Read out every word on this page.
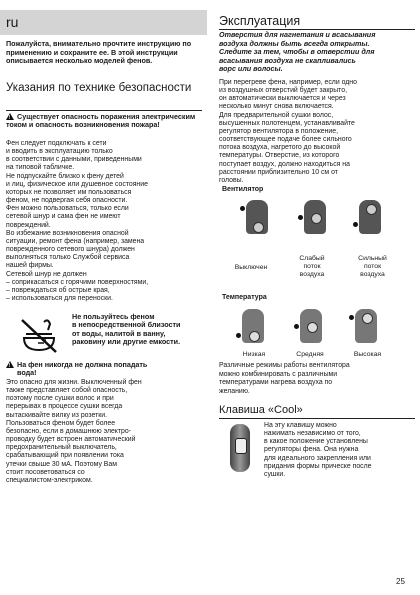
ru
Пожалуйста, внимательно прочтите инструкцию по применению и сохраните ее. В этой инструкции описывается несколько моделей фенов.
Указания по технике безопасности
!Существует опасность поражения электрическим током и опасность возникновения пожара!
Фен следует подключать к сети
и вводить в эксплуатацию только
в соответствии с данными, приведенными
на типовой табличке.
Не подпускайте близко к фену детей
и лиц, физическое или душевное состояние
которых не позволяет им пользоваться
феном, не подвергая себя опасности.
Фен можно пользоваться, только если
сетевой шнур и сама фен не имеют
повреждений.
Во избежание возникновения опасной
ситуации, ремонт фена (например, замена
поврежденного сетевого шнура) должен
выполняться только Службой сервиса
нашей фирмы.
Сетевой шнур не должен
– соприкасаться с горячими поверхностями,
– повреждаться об острые края,
– использоваться для переноски.
Не пользуйтесь феном
в непосредственной близости
от воды, налитой в ванну,
раковину или другие емкости.
!На фен никогда не должна попадать
вода!
Это опасно для жизни. Выключенный фен
также представляет собой опасность,
поэтому после сушки волос и при
перерывах в процессе сушки всегда
вытаскивайте вилку из розетки.
Пользоваться феном будет более
безопасно, если в домашнюю электро-
проводку будет встроен автоматический
предохранительный выключатель,
срабатывающий при появлении тока
утечки свыше 30 мА. Поэтому Вам
стоит посоветоваться со
специалистом-электриком.
Эксплуатация
Отверстия для нагнетания и всасывания
воздуха должны быть всегда открыты.
Следите за тем, чтобы в отверстии для
всасывания воздуха не скапливались
ворс или волосы.
При перегреве фена, например, если одно
из воздушных отверстий будет закрыто,
он автоматически выключается и через
несколько минут снова включается.
Для предварительной сушки волос,
высушенных полотенцем, устанавливайте
регулятор вентилятора в положение,
соответствующее подаче более сильного
потока воздуха, нагретого до высокой
температуры. Отверстие, из которого
поступает воздух, должно находиться на
расстоянии приблизительно 10 см от
головы.
Вентилятор
Выключен
Слабый
поток
воздуха
Сильный
поток
воздуха
Температура
Низкая	Средняя	Высокая
Различные режимы работы вентилятора
можно комбинировать с различными
температурами нагрева воздуха по
желанию.
Клавиша «Cool»
На эту клавишу можно
нажимать независимо от того,
в какое положение установлены
регуляторы фена. Она нужна
для идеального закрепления или
придания формы прическе после
сушки.
25
